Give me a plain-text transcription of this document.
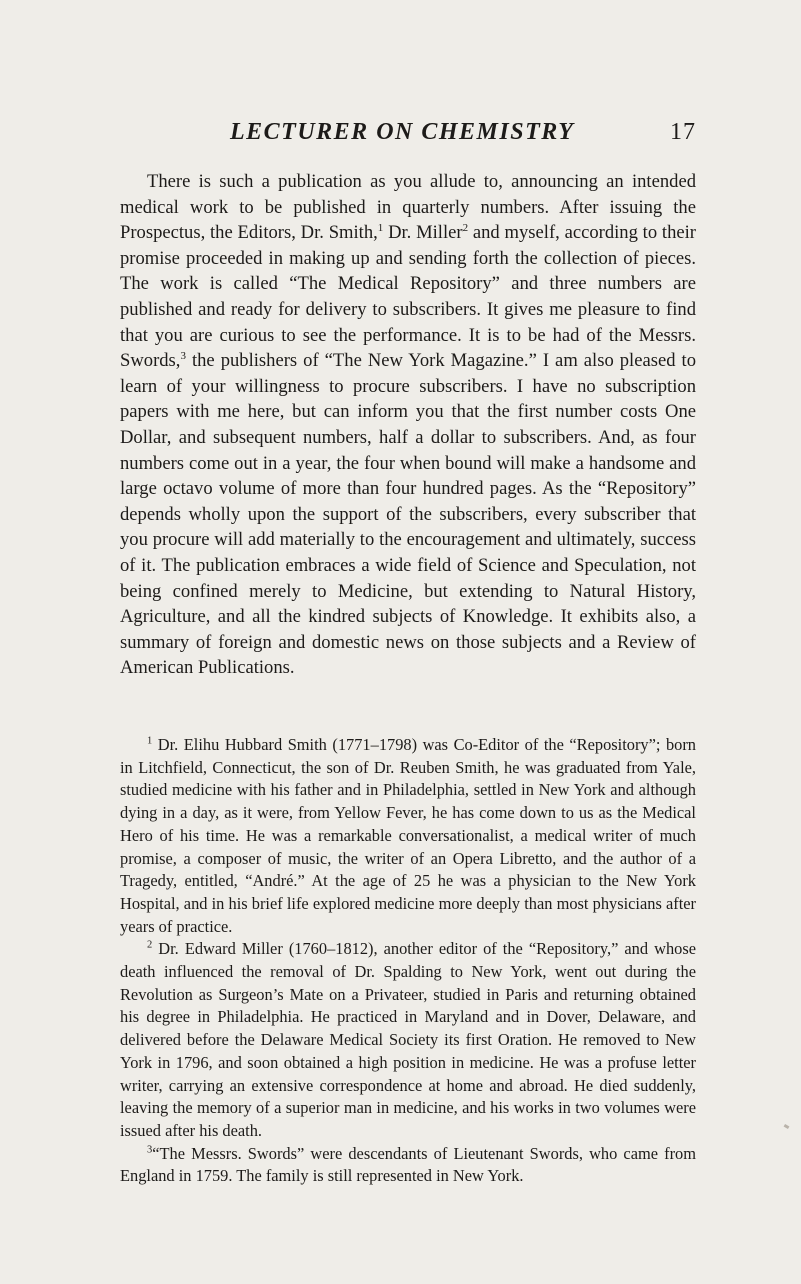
LECTURER ON CHEMISTRY	17

There is such a publication as you allude to, announcing an intended medical work to be published in quarterly numbers. After issuing the Prospectus, the Editors, Dr. Smith,$^1$ Dr. Miller$^2$ and myself, according to their promise proceeded in making up and sending forth the collection of pieces. The work is called “The Medical Repository” and three numbers are published and ready for delivery to subscribers. It gives me pleasure to find that you are curious to see the performance. It is to be had of the Messrs. Swords,$^3$ the publishers of “The New York Magazine.” I am also pleased to learn of your willingness to procure subscribers. I have no subscription papers with me here, but can inform you that the first number costs One Dollar, and subsequent numbers, half a dollar to subscribers. And, as four numbers come out in a year, the four when bound will make a handsome and large octavo volume of more than four hundred pages. As the “Repository” depends wholly upon the support of the subscribers, every subscriber that you procure will add materially to the encouragement and ultimately, success of it. The publication embraces a wide field of Science and Speculation, not being confined merely to Medicine, but extending to Natural History, Agriculture, and all the kindred subjects of Knowledge. It exhibits also, a summary of foreign and domestic news on those subjects and a Review of American Publications.

$^1$ Dr. Elihu Hubbard Smith (1771–1798) was Co-Editor of the “Repository”; born in Litchfield, Connecticut, the son of Dr. Reuben Smith, he was graduated from Yale, studied medicine with his father and in Philadelphia, settled in New York and although dying in a day, as it were, from Yellow Fever, he has come down to us as the Medical Hero of his time. He was a remarkable conversationalist, a medical writer of much promise, a composer of music, the writer of an Opera Libretto, and the author of a Tragedy, entitled, “André.” At the age of 25 he was a physician to the New York Hospital, and in his brief life explored medicine more deeply than most physicians after years of practice.

$^2$ Dr. Edward Miller (1760–1812), another editor of the “Repository,” and whose death influenced the removal of Dr. Spalding to New York, went out during the Revolution as Surgeon’s Mate on a Privateer, studied in Paris and returning obtained his degree in Philadelphia. He practiced in Maryland and in Dover, Delaware, and delivered before the Delaware Medical Society its first Oration. He removed to New York in 1796, and soon obtained a high position in medicine. He was a profuse letter writer, carrying an extensive correspondence at home and abroad. He died suddenly, leaving the memory of a superior man in medicine, and his works in two volumes were issued after his death.

$^3$“The Messrs. Swords” were descendants of Lieutenant Swords, who came from England in 1759. The family is still represented in New York.
